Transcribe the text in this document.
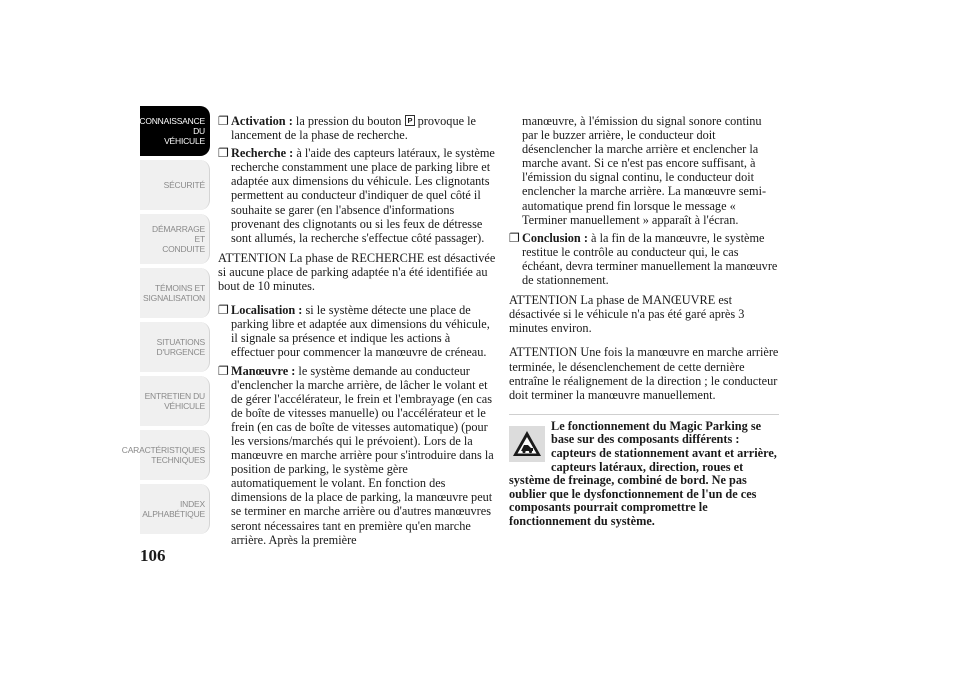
CONNAISSANCE DU
VÉHICULE
SÉCURITÉ
DÉMARRAGE ET
CONDUITE
TÉMOINS ET
SIGNALISATION
SITUATIONS
D'URGENCE
ENTRETIEN DU
VÉHICULE
CARACTÉRISTIQUES
TECHNIQUES
INDEX
ALPHABÉTIQUE
106
❐ Activation : la pression du bouton P provoque le lancement de la phase de recherche.
❐ Recherche : à l'aide des capteurs latéraux, le système recherche constamment une place de parking libre et adaptée aux dimensions du véhicule. Les clignotants permettent au conducteur d'indiquer de quel côté il souhaite se garer (en l'absence d'informations provenant des clignotants ou si les feux de détresse sont allumés, la recherche s'effectue côté passager).
ATTENTION La phase de RECHERCHE est désactivée si aucune place de parking adaptée n'a été identifiée au bout de 10 minutes.
❐ Localisation : si le système détecte une place de parking libre et adaptée aux dimensions du véhicule, il signale sa présence et indique les actions à effectuer pour commencer la manœuvre de créneau.
❐ Manœuvre : le système demande au conducteur d'enclencher la marche arrière, de lâcher le volant et de gérer l'accélérateur, le frein et l'embrayage (en cas de boîte de vitesses manuelle) ou l'accélérateur et le frein (en cas de boîte de vitesses automatique) (pour les versions/marchés qui le prévoient). Lors de la manœuvre en marche arrière pour s'introduire dans la position de parking, le système gère automatiquement le volant. En fonction des dimensions de la place de parking, la manœuvre peut se terminer en marche arrière ou d'autres manœuvres seront nécessaires tant en première qu'en marche arrière. Après la première
manœuvre, à l'émission du signal sonore continu par le buzzer arrière, le conducteur doit désenclencher la marche arrière et enclencher la marche avant. Si ce n'est pas encore suffisant, à l'émission du signal continu, le conducteur doit enclencher la marche arrière. La manœuvre semi-automatique prend fin lorsque le message « Terminer manuellement » apparaît à l'écran.
❐ Conclusion : à la fin de la manœuvre, le système restitue le contrôle au conducteur qui, le cas échéant, devra terminer manuellement la manœuvre de stationnement.
ATTENTION La phase de MANŒUVRE est désactivée si le véhicule n'a pas été garé après 3 minutes environ.
ATTENTION Une fois la manœuvre en marche arrière terminée, le désenclenchement de cette dernière entraîne le réalignement de la direction ; le conducteur doit terminer la manœuvre manuellement.
Le fonctionnement du Magic Parking se base sur des composants différents : capteurs de stationnement avant et arrière, capteurs latéraux, direction, roues et système de freinage, combiné de bord. Ne pas oublier que le dysfonctionnement de l'un de ces composants pourrait compromettre le fonctionnement du système.
